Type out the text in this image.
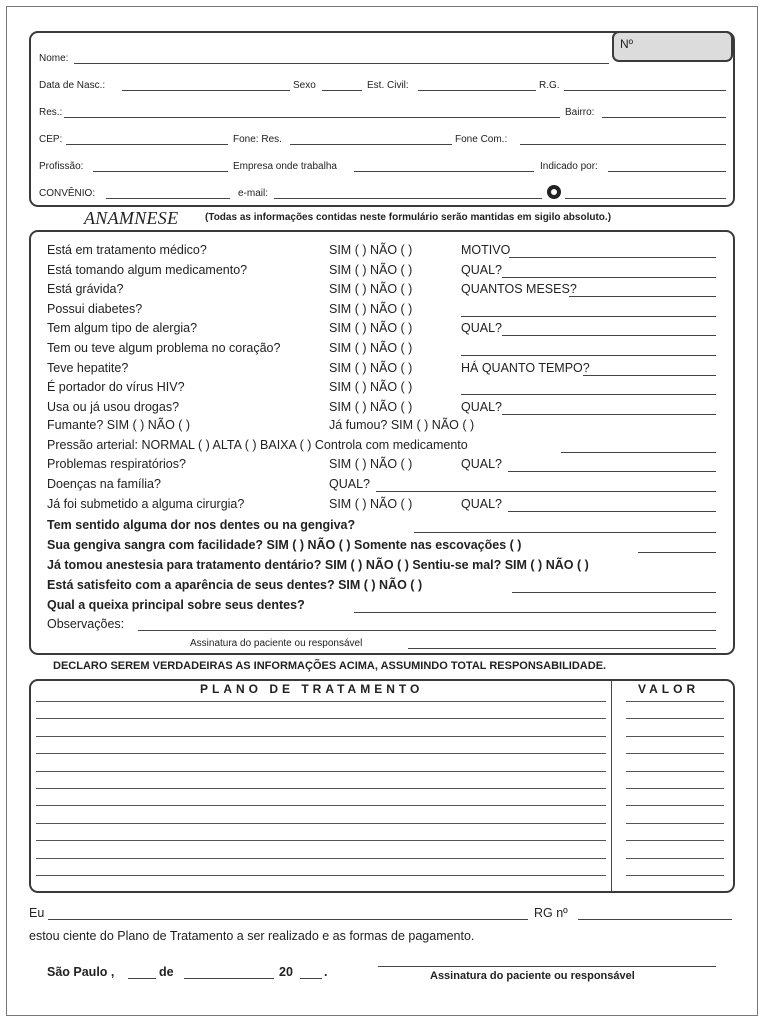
Nº
Nome:
Data de Nasc.:	Sexo	Est. Civil:	R.G.
Res.:	Bairro:
CEP:	Fone: Res.	Fone Com.:
Profissão:	Empresa onde trabalha	Indicado por:
CONVÊNIO:	e-mail:
ANAMNESE	(Todas as informações contidas neste formulário serão mantidas em sigilo absoluto.)
Está em tratamento médico?	SIM ( ) NÃO ( )	MOTIVO
Está tomando algum medicamento?	SIM ( ) NÃO ( )	QUAL?
Está grávida?	SIM ( ) NÃO ( )	QUANTOS MESES?
Possui diabetes?	SIM ( ) NÃO ( )
Tem algum tipo de alergia?	SIM ( ) NÃO ( )	QUAL?
Tem ou teve algum problema no coração?	SIM ( ) NÃO ( )
Teve hepatite?	SIM ( ) NÃO ( )	HÁ QUANTO TEMPO?
É portador do vírus HIV?	SIM ( ) NÃO ( )
Usa ou já usou drogas?	SIM ( ) NÃO ( )	QUAL?
Fumante? SIM ( ) NÃO ( )	Já fumou? SIM ( ) NÃO ( )
Pressão arterial: NORMAL ( ) ALTA ( ) BAIXA ( ) Controla com medicamento
Problemas respiratórios?	SIM ( ) NÃO ( )	QUAL?
Doenças na família?	QUAL?
Já foi submetido a alguma cirurgia?	SIM ( ) NÃO ( )	QUAL?
Tem sentido alguma dor nos dentes ou na gengiva?
Sua gengiva sangra com facilidade? SIM ( ) NÃO ( ) Somente nas escovações ( )
Já tomou anestesia para tratamento dentário? SIM ( ) NÃO ( ) Sentiu-se mal? SIM ( ) NÃO ( )
Está satisfeito com a aparência de seus dentes? SIM ( ) NÃO ( )
Qual a queixa principal sobre seus dentes?
Observações:
Assinatura do paciente ou responsável
DECLARO SEREM VERDADEIRAS AS INFORMAÇÕES ACIMA, ASSUMINDO TOTAL RESPONSABILIDADE.
PLANO DE TRATAMENTO	VALOR
Eu	RG nº
estou ciente do Plano de Tratamento a ser realizado e as formas de pagamento.
São Paulo ,	de	20 .	Assinatura do paciente ou responsável
